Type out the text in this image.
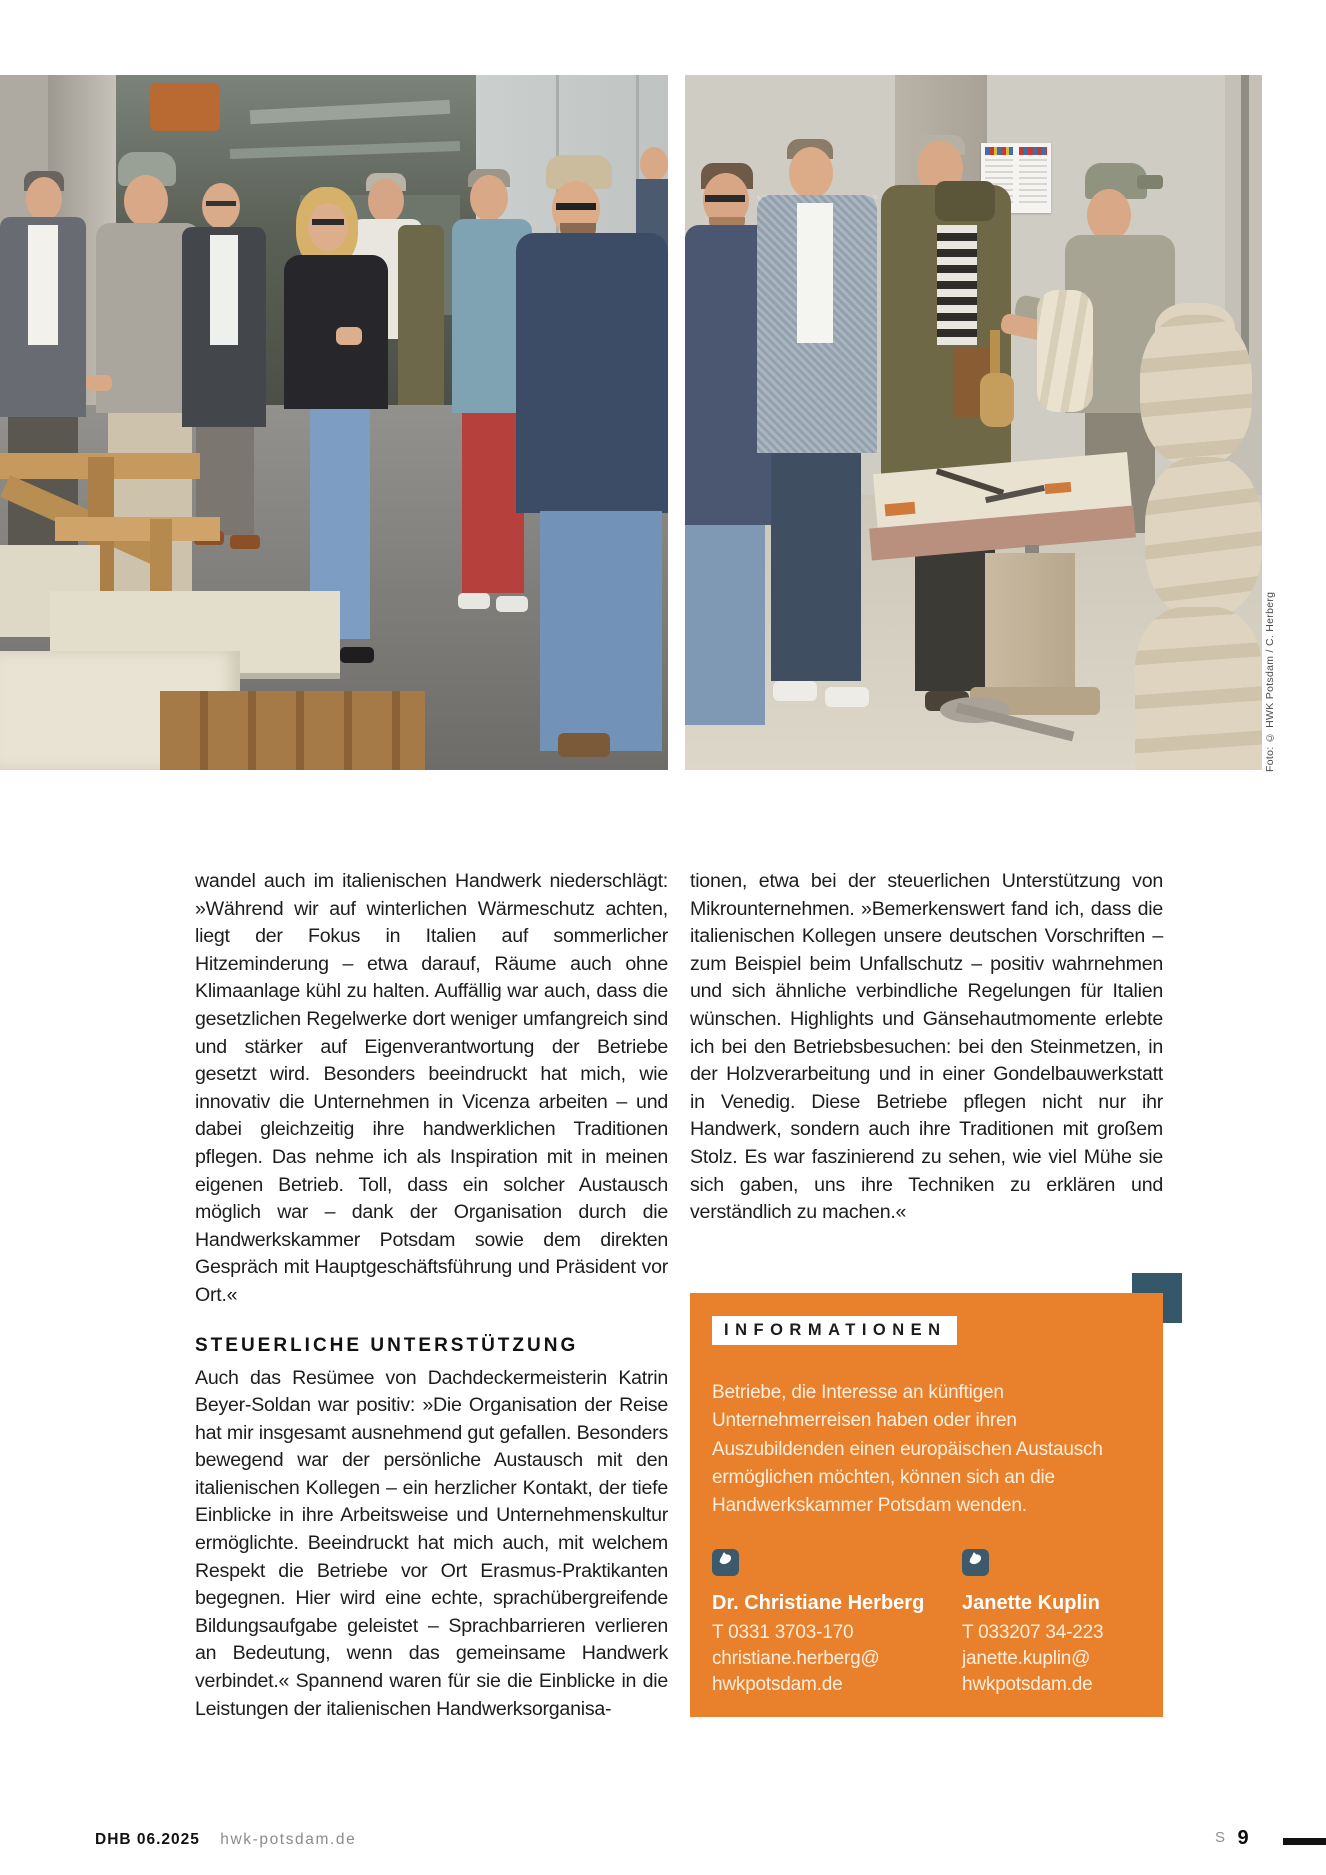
Foto: © HWK Potsdam / C. Herberg

wandel auch im italienischen Handwerk niederschlägt: »Während wir auf winterlichen Wärmeschutz achten, liegt der Fokus in Italien auf sommerlicher Hitzeminderung – etwa darauf, Räume auch ohne Klimaanlage kühl zu halten. Auffällig war auch, dass die gesetzlichen Regelwerke dort weniger umfangreich sind und stärker auf Eigenverantwortung der Betriebe gesetzt wird. Besonders beeindruckt hat mich, wie innovativ die Unternehmen in Vicenza arbeiten – und dabei gleichzeitig ihre handwerklichen Traditionen pflegen. Das nehme ich als Inspiration mit in meinen eigenen Betrieb. Toll, dass ein solcher Austausch möglich war – dank der Organisation durch die Handwerkskammer Potsdam sowie dem direkten Gespräch mit Hauptgeschäftsführung und Präsident vor Ort.«

STEUERLICHE UNTERSTÜTZUNG

Auch das Resümee von Dachdeckermeisterin Katrin Beyer-Soldan war positiv: »Die Organisation der Reise hat mir insgesamt ausnehmend gut gefallen. Besonders bewegend war der persönliche Austausch mit den italienischen Kollegen – ein herzlicher Kontakt, der tiefe Einblicke in ihre Arbeitsweise und Unternehmenskultur ermöglichte. Beeindruckt hat mich auch, mit welchem Respekt die Betriebe vor Ort Erasmus-Praktikanten begegnen. Hier wird eine echte, sprachübergreifende Bildungsaufgabe geleistet – Sprachbarrieren verlieren an Bedeutung, wenn das gemeinsame Handwerk verbindet.« Spannend waren für sie die Einblicke in die Leistungen der italienischen Handwerksorganisa-

tionen, etwa bei der steuerlichen Unterstützung von Mikrounternehmen. »Bemerkenswert fand ich, dass die italienischen Kollegen unsere deutschen Vorschriften – zum Beispiel beim Unfallschutz – positiv wahrnehmen und sich ähnliche verbindliche Regelungen für Italien wünschen. Highlights und Gänsehautmomente erlebte ich bei den Betriebsbesuchen: bei den Steinmetzen, in der Holzverarbeitung und in einer Gondelbauwerkstatt in Venedig. Diese Betriebe pflegen nicht nur ihr Handwerk, sondern auch ihre Traditionen mit großem Stolz. Es war faszinierend zu sehen, wie viel Mühe sie sich gaben, uns ihre Techniken zu erklären und verständlich zu machen.«

INFORMATIONEN

Betriebe, die Interesse an künftigen Unternehmerreisen haben oder ihren Auszubildenden einen europäischen Austausch ermöglichen möchten, können sich an die Handwerkskammer Potsdam wenden.

Dr. Christiane Herberg
T 0331 3703-170
christiane.herberg@
hwkpotsdam.de
Janette Kuplin
T 033207 34-223
janette.kuplin@
hwkpotsdam.de
DHB 06.2025 hwk-potsdam.de	S 9
